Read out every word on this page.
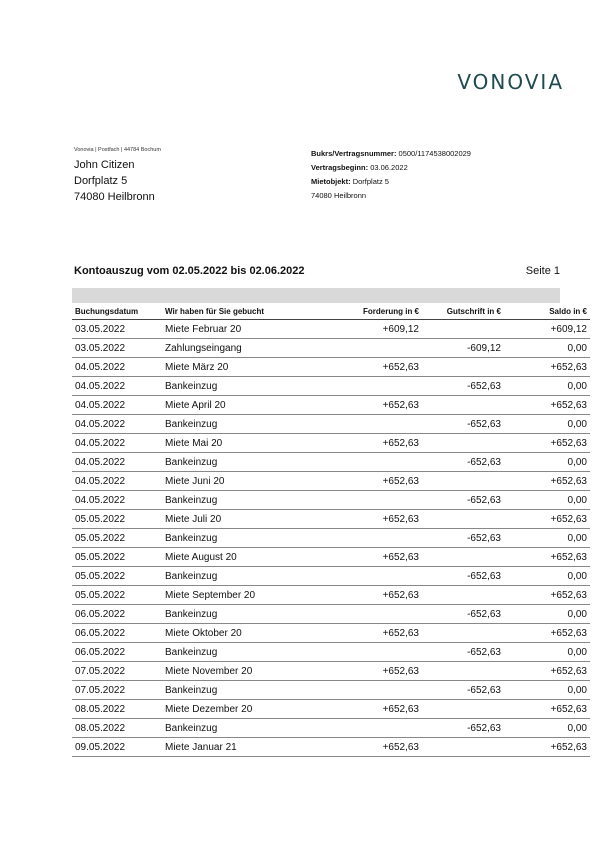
VONOVIA
Vonovia | Postfach | 44784 Bochum
John Citizen
Dorfplatz 5
74080 Heilbronn
Bukrs/Vertragsnummer: 0500/1174538002029
Vertragsbeginn: 03.06.2022
Mietobjekt: Dorfplatz 5
74080 Heilbronn
Kontoauszug vom 02.05.2022 bis 02.06.2022	Seite 1
Buchungsdatum	Wir haben für Sie gebucht	Forderung in €	Gutschrift in €	Saldo in €
03.05.2022	Miete Februar 20	+609,12		+609,12
03.05.2022	Zahlungseingang		-609,12	0,00
04.05.2022	Miete März 20	+652,63		+652,63
04.05.2022	Bankeinzug		-652,63	0,00
04.05.2022	Miete April 20	+652,63		+652,63
04.05.2022	Bankeinzug		-652,63	0,00
04.05.2022	Miete Mai 20	+652,63		+652,63
04.05.2022	Bankeinzug		-652,63	0,00
04.05.2022	Miete Juni 20	+652,63		+652,63
04.05.2022	Bankeinzug		-652,63	0,00
05.05.2022	Miete Juli 20	+652,63		+652,63
05.05.2022	Bankeinzug		-652,63	0,00
05.05.2022	Miete August 20	+652,63		+652,63
05.05.2022	Bankeinzug		-652,63	0,00
05.05.2022	Miete September 20	+652,63		+652,63
06.05.2022	Bankeinzug		-652,63	0,00
06.05.2022	Miete Oktober 20	+652,63		+652,63
06.05.2022	Bankeinzug		-652,63	0,00
07.05.2022	Miete November 20	+652,63		+652,63
07.05.2022	Bankeinzug		-652,63	0,00
08.05.2022	Miete Dezember 20	+652,63		+652,63
08.05.2022	Bankeinzug		-652,63	0,00
09.05.2022	Miete Januar 21	+652,63		+652,63
